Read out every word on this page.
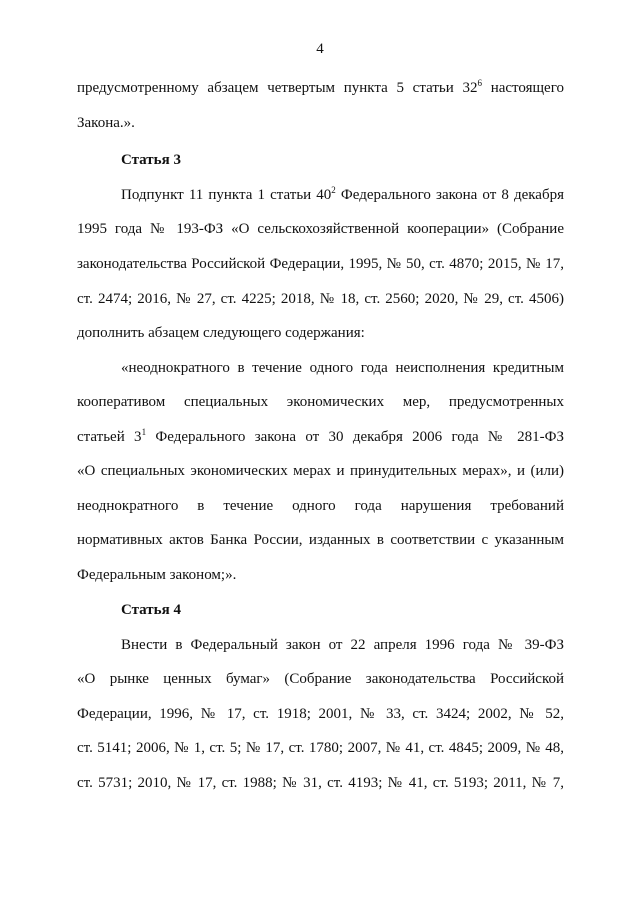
4
предусмотренному абзацем четвертым пункта 5 статьи $32^6$ настоящего
Закона.».
Статья 3
Подпункт 11 пункта 1 статьи $40^2$ Федерального закона от 8 декабря
1995 года № 193-ФЗ «О сельскохозяйственной кооперации» (Собрание
законодательства Российской Федерации, 1995, № 50, ст. 4870; 2015, № 17,
ст. 2474; 2016, № 27, ст. 4225; 2018, № 18, ст. 2560; 2020, № 29, ст. 4506)
дополнить абзацем следующего содержания:
«неоднократного в течение одного года неисполнения кредитным
кооперативом специальных экономических мер, предусмотренных
статьей $3^1$ Федерального закона от 30 декабря 2006 года № 281-ФЗ
«О специальных экономических мерах и принудительных мерах», и (или)
неоднократного в течение одного года нарушения требований
нормативных актов Банка России, изданных в соответствии с указанным
Федеральным законом;».
Статья 4
Внести в Федеральный закон от 22 апреля 1996 года № 39-ФЗ
«О рынке ценных бумаг» (Собрание законодательства Российской
Федерации, 1996, № 17, ст. 1918; 2001, № 33, ст. 3424; 2002, № 52,
ст. 5141; 2006, № 1, ст. 5; № 17, ст. 1780; 2007, № 41, ст. 4845; 2009, № 48,
ст. 5731; 2010, № 17, ст. 1988; № 31, ст. 4193; № 41, ст. 5193; 2011, № 7,
